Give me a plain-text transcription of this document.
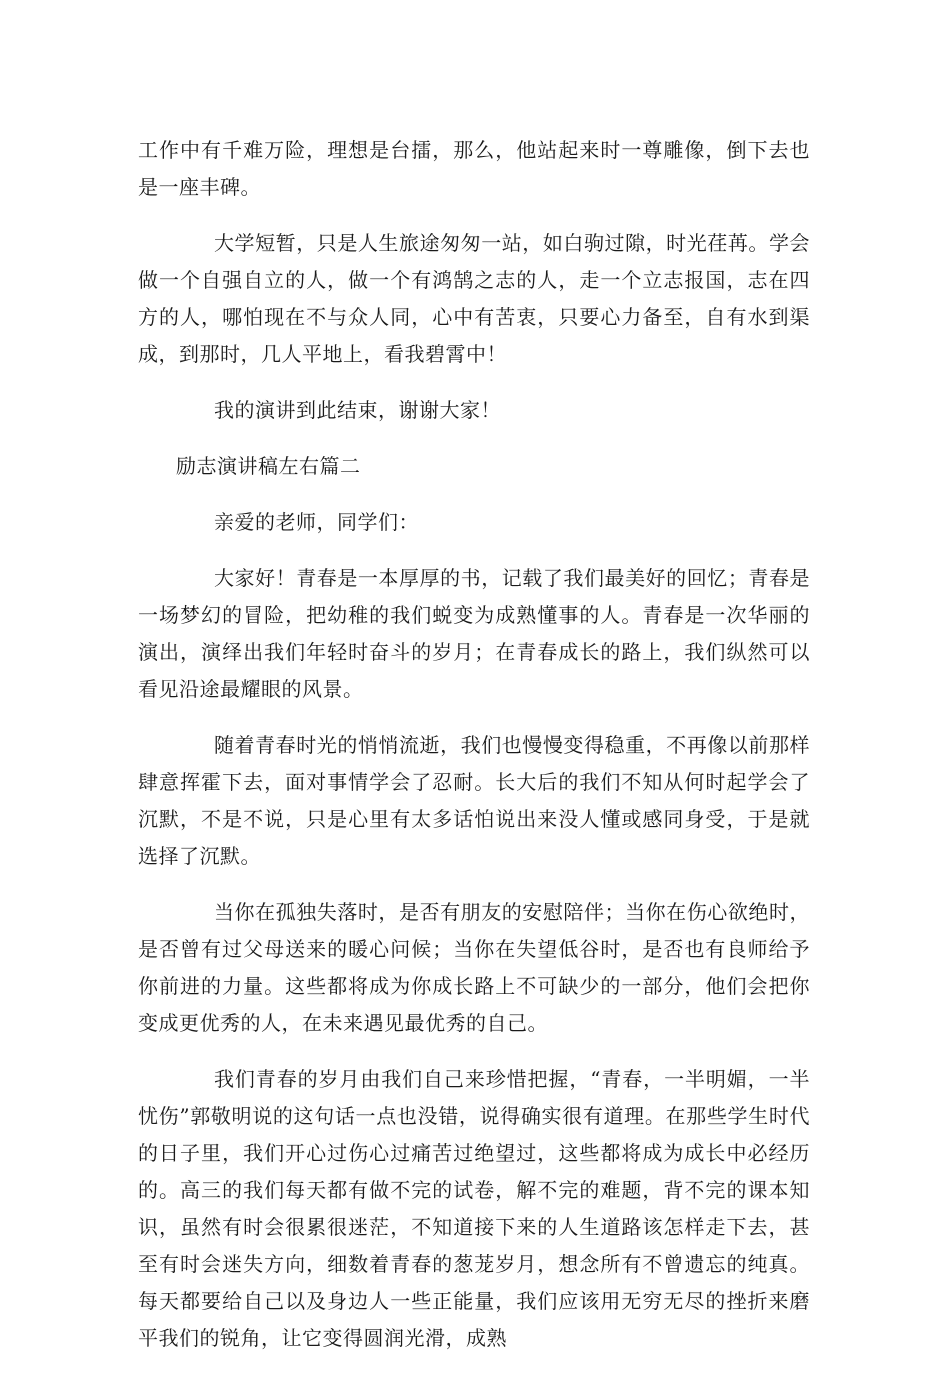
工作中有千难万险，理想是台擂，那么，他站起来时一尊雕像，倒下去也是一座丰碑。

大学短暂，只是人生旅途匆匆一站，如白驹过隙，时光荏苒。学会做一个自强自立的人，做一个有鸿鹄之志的人，走一个立志报国，志在四方的人，哪怕现在不与众人同，心中有苦衷，只要心力备至，自有水到渠成，到那时，几人平地上，看我碧霄中！

我的演讲到此结束，谢谢大家！

励志演讲稿左右篇二

亲爱的老师，同学们：

大家好！青春是一本厚厚的书，记载了我们最美好的回忆；青春是一场梦幻的冒险，把幼稚的我们蜕变为成熟懂事的人。青春是一次华丽的演出，演绎出我们年轻时奋斗的岁月；在青春成长的路上，我们纵然可以看见沿途最耀眼的风景。

随着青春时光的悄悄流逝，我们也慢慢变得稳重，不再像以前那样肆意挥霍下去，面对事情学会了忍耐。长大后的我们不知从何时起学会了沉默，不是不说，只是心里有太多话怕说出来没人懂或感同身受，于是就选择了沉默。

当你在孤独失落时，是否有朋友的安慰陪伴；当你在伤心欲绝时，是否曾有过父母送来的暖心问候；当你在失望低谷时，是否也有良师给予你前进的力量。这些都将成为你成长路上不可缺少的一部分，他们会把你变成更优秀的人，在未来遇见最优秀的自己。

我们青春的岁月由我们自己来珍惜把握，“青春，一半明媚，一半忧伤”郭敬明说的这句话一点也没错，说得确实很有道理。在那些学生时代的日子里，我们开心过伤心过痛苦过绝望过，这些都将成为成长中必经历的。高三的我们每天都有做不完的试卷，解不完的难题，背不完的课本知识，虽然有时会很累很迷茫，不知道接下来的人生道路该怎样走下去，甚至有时会迷失方向，细数着青春的葱茏岁月，想念所有不曾遗忘的纯真。每天都要给自己以及身边人一些正能量，我们应该用无穷无尽的挫折来磨平我们的锐角，让它变得圆润光滑，成熟
